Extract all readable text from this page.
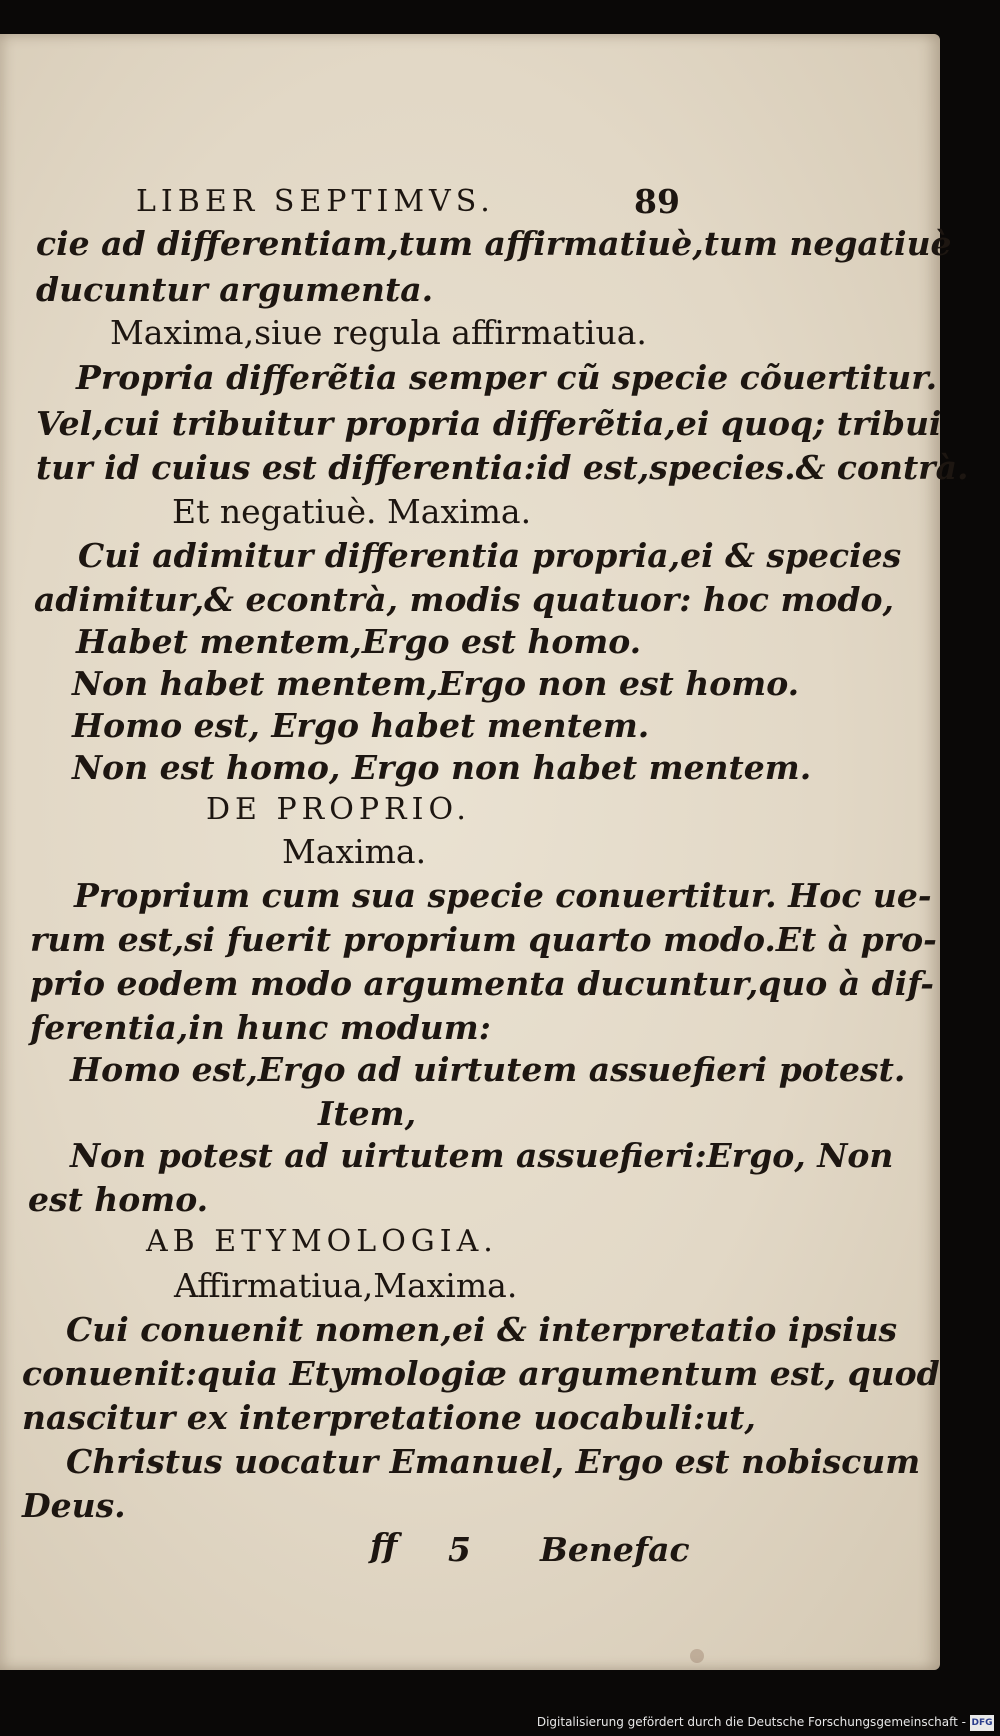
LIBER SEPTIMVS.	89
cie ad differentiam,tum affirmatiuè,tum negatiuè
ducuntur argumenta.
Maxima,siue regula affirmatiua.
Propria differẽtia semper cũ specie cõuertitur.
Vel,cui tribuitur propria differẽtia,ei quoq; tribui
tur id cuius est differentia:id est,species.& contrà.
Et negatiuè. Maxima.
Cui adimitur differentia propria,ei & species
adimitur,& econtrà, modis quatuor: hoc modo,
Habet mentem,Ergo est homo.
Non habet mentem,Ergo non est homo.
Homo est, Ergo habet mentem.
Non est homo, Ergo non habet mentem.
DE PROPRIO.
Maxima.
Proprium cum sua specie conuertitur. Hoc ue-
rum est,si fuerit proprium quarto modo.Et à pro-
prio eodem modo argumenta ducuntur,quo à dif-
ferentia,in hunc modum:
Homo est,Ergo ad uirtutem assuefieri potest.
Item,
Non potest ad uirtutem assuefieri:Ergo, Non
est homo.
AB ETYMOLOGIA.
Affirmatiua,Maxima.
Cui conuenit nomen,ei & interpretatio ipsius
conuenit:quia Etymologiæ argumentum est, quod
nascitur ex interpretatione uocabuli:ut,
Christus uocatur Emanuel, Ergo est nobiscum
Deus.
ff 5 Benefac
Digitalisierung gefördert durch die Deutsche Forschungsgemeinschaft - DFG
